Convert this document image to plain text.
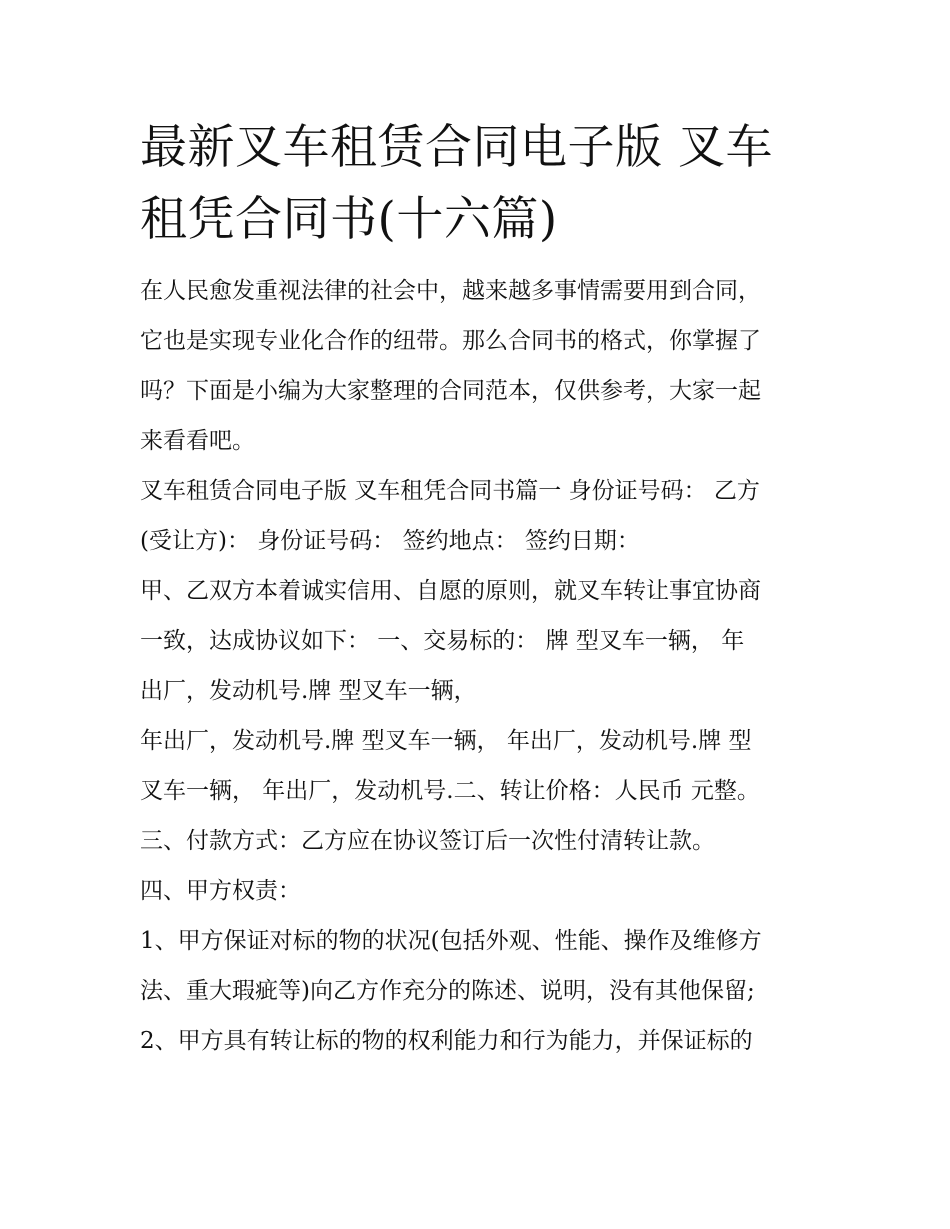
最新叉车租赁合同电子版 叉车
租凭合同书(十六篇)

在人民愈发重视法律的社会中，越来越多事情需要用到合同，
它也是实现专业化合作的纽带。那么合同书的格式，你掌握了
吗？下面是小编为大家整理的合同范本，仅供参考，大家一起
来看看吧。

叉车租赁合同电子版 叉车租凭合同书篇一 身份证号码： 乙方
(受让方)： 身份证号码： 签约地点： 签约日期：

甲、乙双方本着诚实信用、自愿的原则，就叉车转让事宜协商
一致，达成协议如下： 一、交易标的： 牌 型叉车一辆， 年
出厂，发动机号.牌 型叉车一辆，

年出厂，发动机号.牌 型叉车一辆， 年出厂，发动机号.牌 型
叉车一辆， 年出厂，发动机号.二、转让价格：人民币 元整。

三、付款方式：乙方应在协议签订后一次性付清转让款。

四、甲方权责：

1、甲方保证对标的物的状况(包括外观、性能、操作及维修方
法、重大瑕疵等)向乙方作充分的陈述、说明，没有其他保留;

2、甲方具有转让标的物的权利能力和行为能力，并保证标的
